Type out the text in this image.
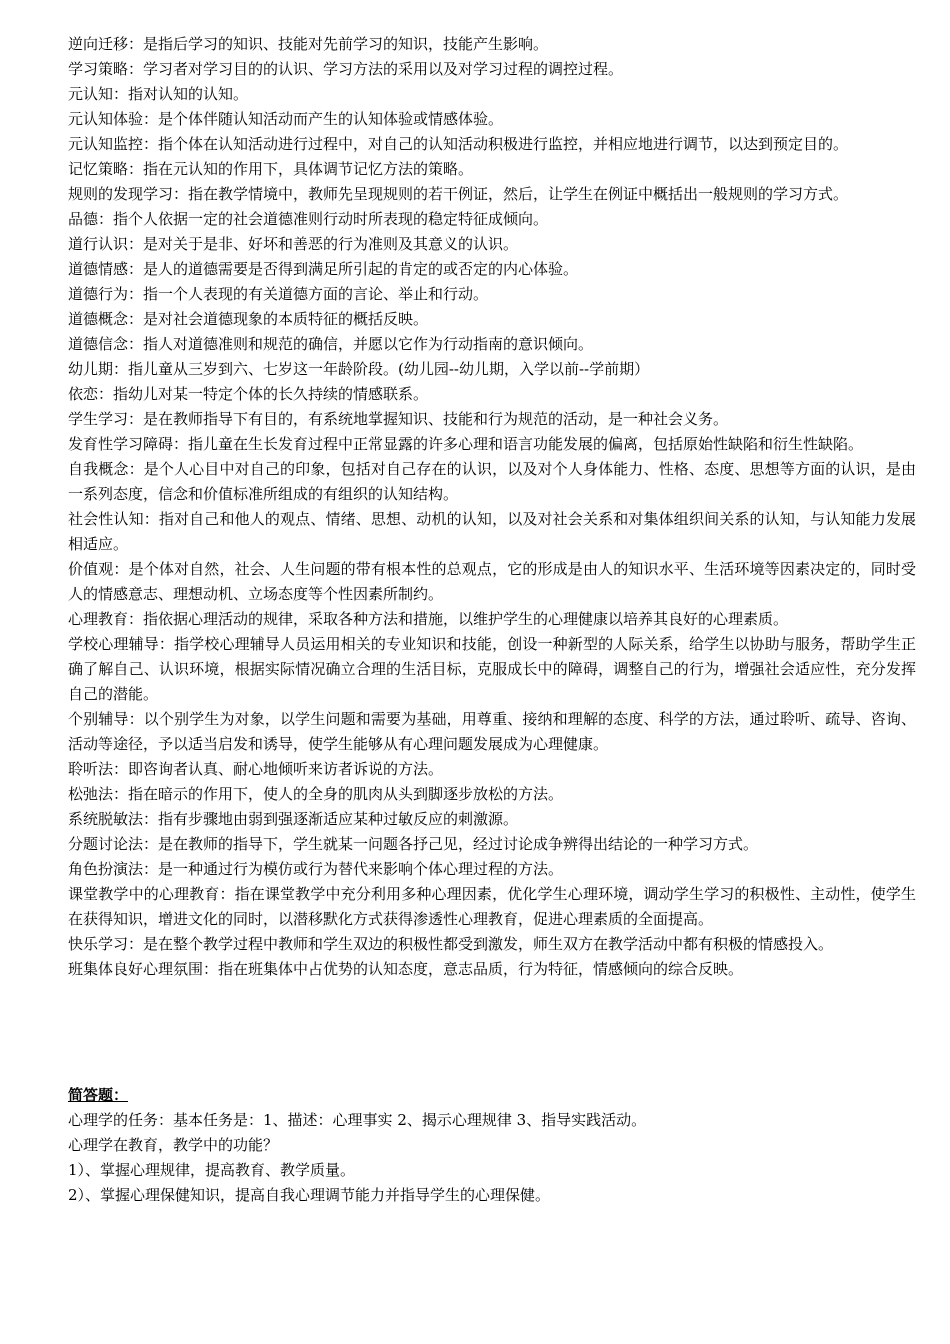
逆向迁移：是指后学习的知识、技能对先前学习的知识，技能产生影响。

学习策略：学习者对学习目的的认识、学习方法的采用以及对学习过程的调控过程。

元认知：指对认知的认知。

元认知体验：是个体伴随认知活动而产生的认知体验或情感体验。

元认知监控：指个体在认知活动进行过程中，对自己的认知活动积极进行监控，并相应地进行调节，以达到预定目的。

记忆策略：指在元认知的作用下，具体调节记忆方法的策略。

规则的发现学习：指在教学情境中，教师先呈现规则的若干例证，然后，让学生在例证中概括出一般规则的学习方式。

品德：指个人依据一定的社会道德准则行动时所表现的稳定特征成倾向。

道行认识：是对关于是非、好坏和善恶的行为准则及其意义的认识。

道德情感：是人的道德需要是否得到满足所引起的肯定的或否定的内心体验。

道德行为：指一个人表现的有关道德方面的言论、举止和行动。

道德概念：是对社会道德现象的本质特征的概括反映。

道德信念：指人对道德准则和规范的确信，并愿以它作为行动指南的意识倾向。

幼儿期：指儿童从三岁到六、七岁这一年龄阶段。(幼儿园--幼儿期，入学以前--学前期）

依恋：指幼儿对某一特定个体的长久持续的情感联系。

学生学习：是在教师指导下有目的，有系统地掌握知识、技能和行为规范的活动，是一种社会义务。

发育性学习障碍：指儿童在生长发育过程中正常显露的许多心理和语言功能发展的偏离，包括原始性缺陷和衍生性缺陷。

自我概念：是个人心目中对自己的印象，包括对自己存在的认识，以及对个人身体能力、性格、态度、思想等方面的认识，是由一系列态度，信念和价值标准所组成的有组织的认知结构。

社会性认知：指对自己和他人的观点、情绪、思想、动机的认知，以及对社会关系和对集体组织间关系的认知，与认知能力发展相适应。

价值观：是个体对自然，社会、人生问题的带有根本性的总观点，它的形成是由人的知识水平、生活环境等因素决定的，同时受人的情感意志、理想动机、立场态度等个性因素所制约。

心理教育：指依据心理活动的规律，采取各种方法和措施，以维护学生的心理健康以培养其良好的心理素质。

学校心理辅导：指学校心理辅导人员运用相关的专业知识和技能，创设一种新型的人际关系，给学生以协助与服务，帮助学生正确了解自己、认识环境，根据实际情况确立合理的生活目标，克服成长中的障碍，调整自己的行为，增强社会适应性，充分发挥自己的潜能。

个别辅导：以个别学生为对象，以学生问题和需要为基础，用尊重、接纳和理解的态度、科学的方法，通过聆听、疏导、咨询、活动等途径，予以适当启发和诱导，使学生能够从有心理问题发展成为心理健康。

聆听法：即咨询者认真、耐心地倾听来访者诉说的方法。

松弛法：指在暗示的作用下，使人的全身的肌肉从头到脚逐步放松的方法。

系统脱敏法：指有步骤地由弱到强逐渐适应某种过敏反应的刺激源。

分题讨论法：是在教师的指导下，学生就某一问题各抒己见，经过讨论成争辨得出结论的一种学习方式。

角色扮演法：是一种通过行为模仿或行为替代来影响个体心理过程的方法。

课堂教学中的心理教育：指在课堂教学中充分利用多种心理因素，优化学生心理环境，调动学生学习的积极性、主动性，使学生在获得知识，增进文化的同时，以潜移默化方式获得渗透性心理教育，促进心理素质的全面提高。

快乐学习：是在整个教学过程中教师和学生双边的积极性都受到激发，师生双方在教学活动中都有积极的情感投入。

班集体良好心理氛围：指在班集体中占优势的认知态度，意志品质，行为特征，情感倾向的综合反映。

简答题：

心理学的任务：基本任务是：1、描述：心理事实 2、揭示心理规律 3、指导实践活动。

心理学在教育，教学中的功能？

1）、掌握心理规律，提高教育、教学质量。

2）、掌握心理保健知识，提高自我心理调节能力并指导学生的心理保健。
